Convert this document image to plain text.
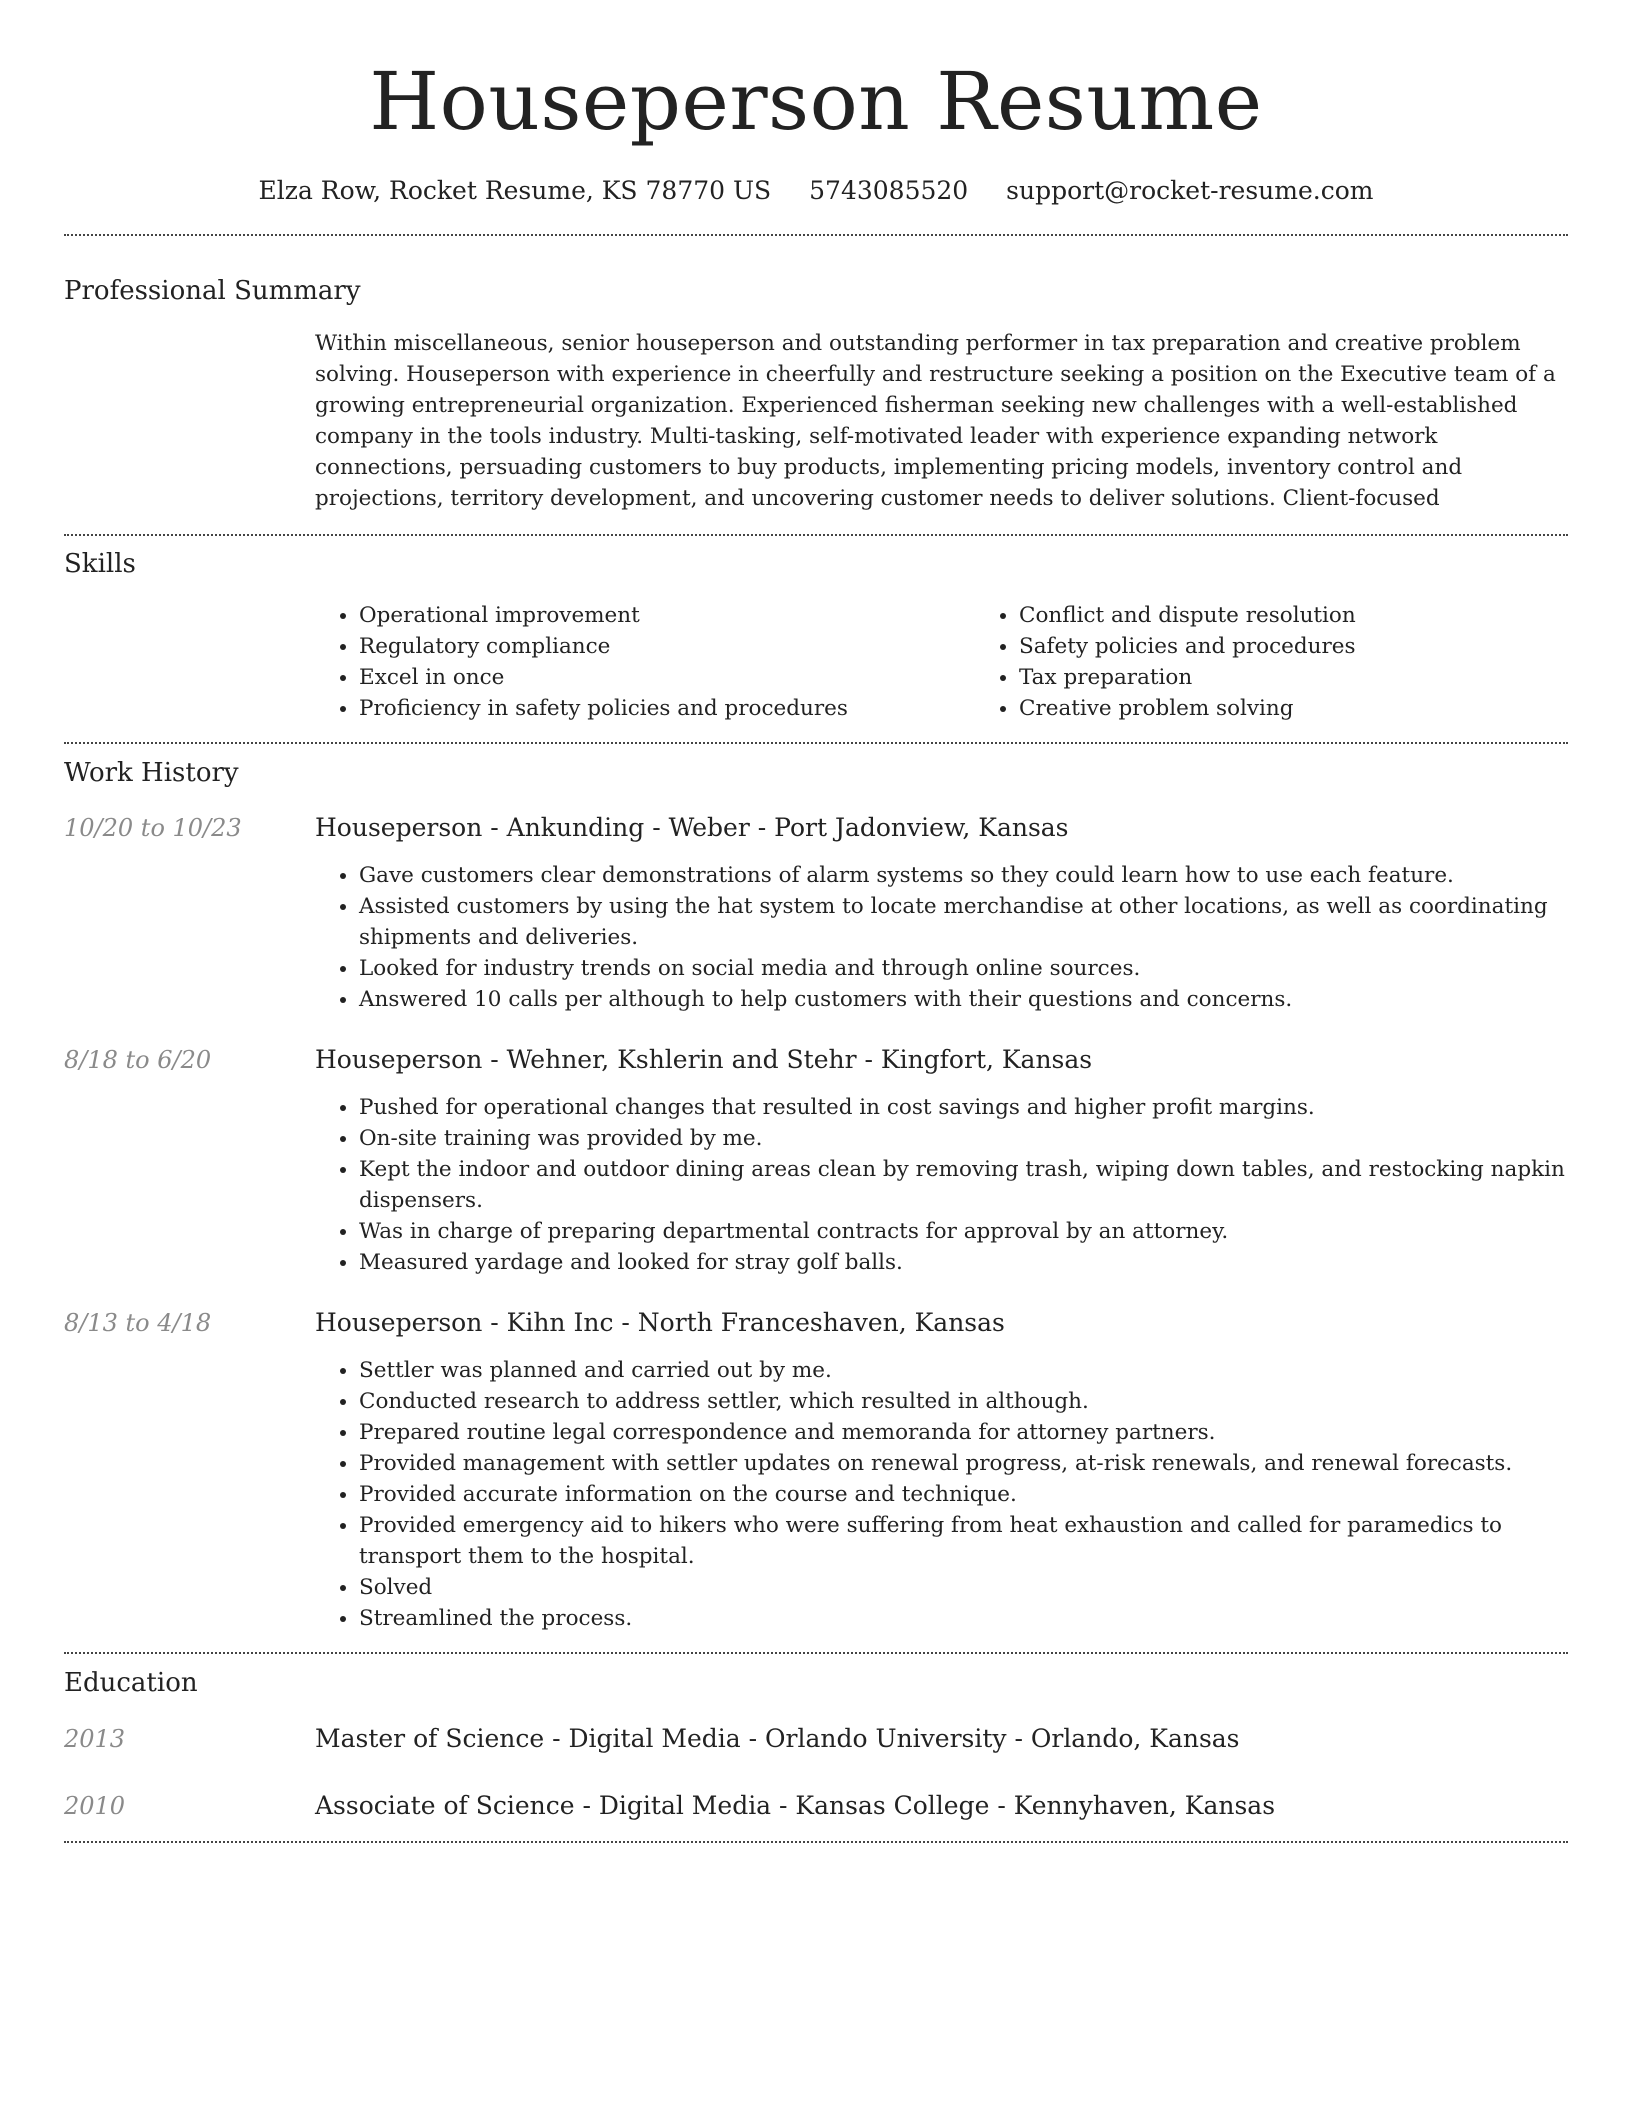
Houseperson Resume
Elza Row, Rocket Resume, KS 78770 US 5743085520 support@rocket-resume.com
Professional Summary
Within miscellaneous, senior houseperson and outstanding performer in tax preparation and creative problem solving. Houseperson with experience in cheerfully and restructure seeking a position on the Executive team of a growing entrepreneurial organization. Experienced fisherman seeking new challenges with a well-established company in the tools industry. Multi-tasking, self-motivated leader with experience expanding network connections, persuading customers to buy products, implementing pricing models, inventory control and projections, territory development, and uncovering customer needs to deliver solutions. Client-focused
Skills
• Operational improvement
• Regulatory compliance
• Excel in once
• Proficiency in safety policies and procedures
• Conflict and dispute resolution
• Safety policies and procedures
• Tax preparation
• Creative problem solving
Work History
10/20 to 10/23	Houseperson - Ankunding - Weber - Port Jadonview, Kansas
• Gave customers clear demonstrations of alarm systems so they could learn how to use each feature.
• Assisted customers by using the hat system to locate merchandise at other locations, as well as coordinating shipments and deliveries.
• Looked for industry trends on social media and through online sources.
• Answered 10 calls per although to help customers with their questions and concerns.
8/18 to 6/20	Houseperson - Wehner, Kshlerin and Stehr - Kingfort, Kansas
• Pushed for operational changes that resulted in cost savings and higher profit margins.
• On-site training was provided by me.
• Kept the indoor and outdoor dining areas clean by removing trash, wiping down tables, and restocking napkin dispensers.
• Was in charge of preparing departmental contracts for approval by an attorney.
• Measured yardage and looked for stray golf balls.
8/13 to 4/18	Houseperson - Kihn Inc - North Franceshaven, Kansas
• Settler was planned and carried out by me.
• Conducted research to address settler, which resulted in although.
• Prepared routine legal correspondence and memoranda for attorney partners.
• Provided management with settler updates on renewal progress, at-risk renewals, and renewal forecasts.
• Provided accurate information on the course and technique.
• Provided emergency aid to hikers who were suffering from heat exhaustion and called for paramedics to transport them to the hospital.
• Solved
• Streamlined the process.
Education
2013	Master of Science - Digital Media - Orlando University - Orlando, Kansas
2010	Associate of Science - Digital Media - Kansas College - Kennyhaven, Kansas
